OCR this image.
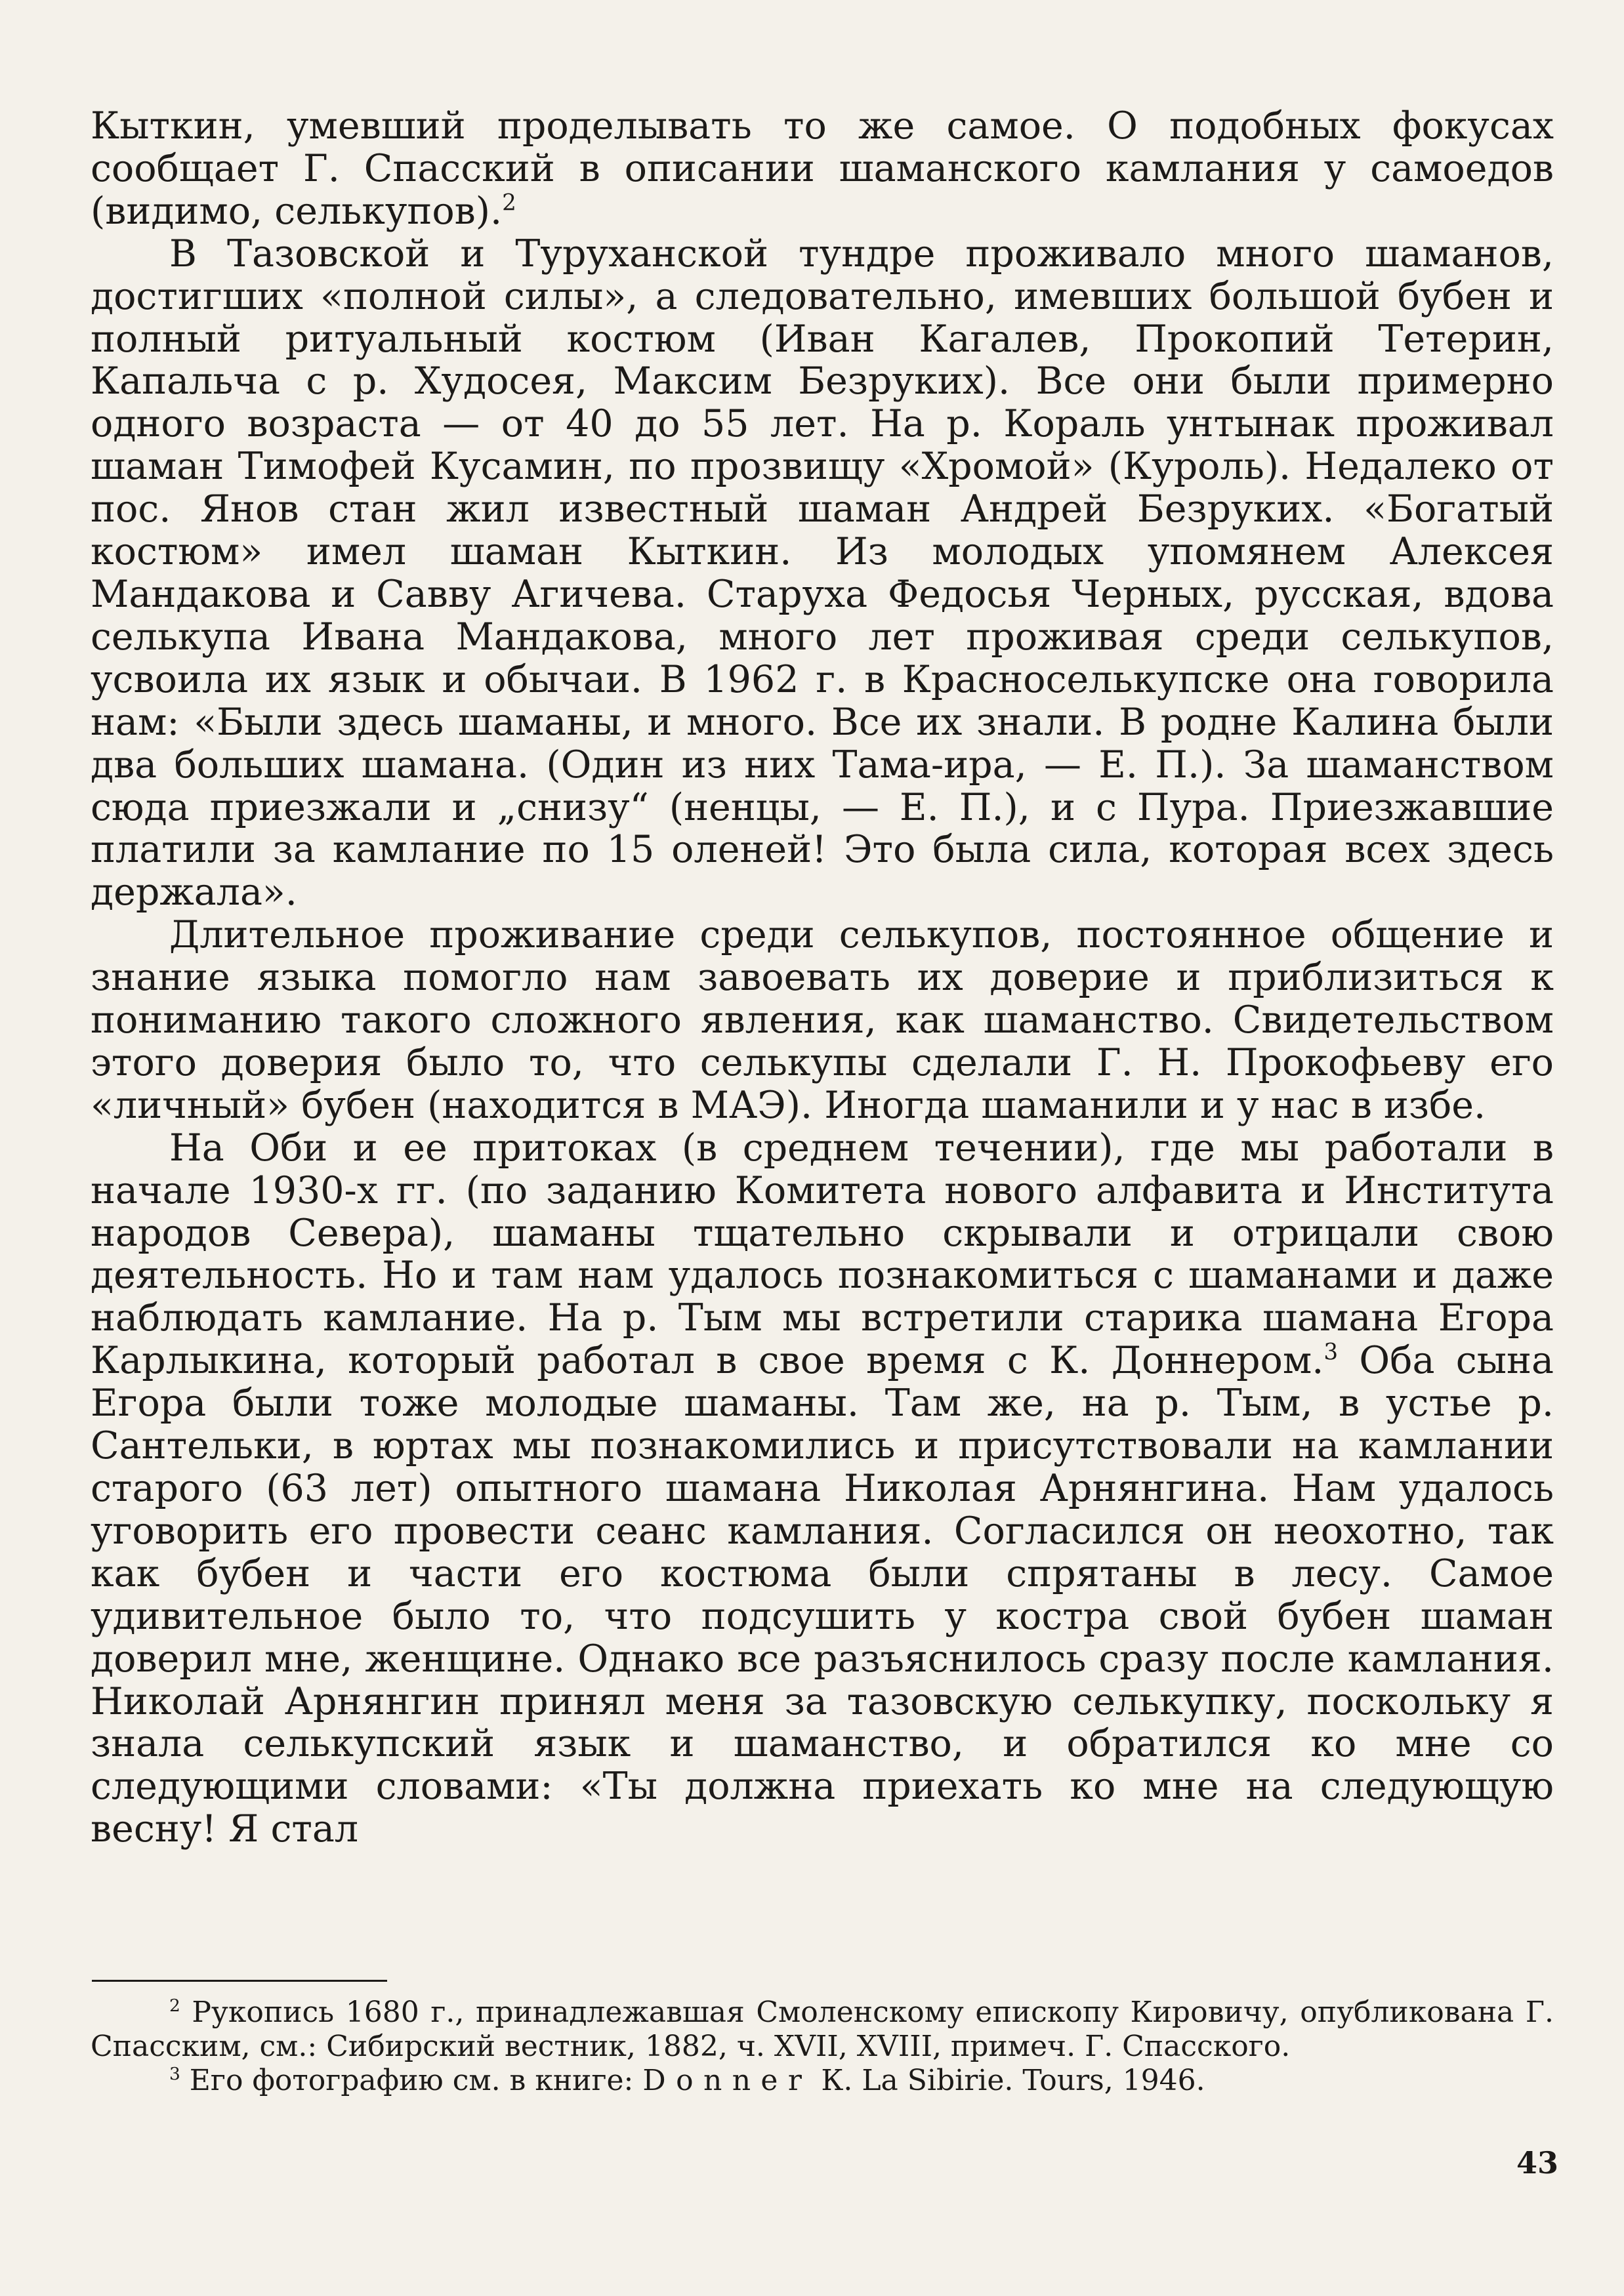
Кыткин, умевший проделывать то же самое. О подобных фокусах сообщает Г. Спасский в описании шаманского камлания у самоедов (видимо, селькупов).$^2$

В Тазовской и Туруханской тундре проживало много шаманов, достигших «полной силы», а следовательно, имевших большой бубен и полный ритуальный костюм (Иван Кагалев, Прокопий Тетерин, Капальча с р. Худосея, Максим Безруких). Все они были примерно одного возраста — от 40 до 55 лет. На р. Кораль унтынак проживал шаман Тимофей Кусамин, по прозвищу «Хромой» (Куроль). Недалеко от пос. Янов стан жил известный шаман Андрей Безруких. «Богатый костюм» имел шаман Кыткин. Из молодых упомянем Алексея Мандакова и Савву Агичева. Старуха Федосья Черных, русская, вдова селькупа Ивана Мандакова, много лет проживая среди селькупов, усвоила их язык и обычаи. В 1962 г. в Красноселькупске она говорила нам: «Были здесь шаманы, и много. Все их знали. В родне Калина были два больших шамана. (Один из них Тама-ира, — Е. П.). За шаманством сюда приезжали и „снизу“ (ненцы, — Е. П.), и с Пура. Приезжавшие платили за камлание по 15 оленей! Это была сила, которая всех здесь держала».

Длительное проживание среди селькупов, постоянное общение и знание языка помогло нам завоевать их доверие и приблизиться к пониманию такого сложного явления, как шаманство. Свидетельством этого доверия было то, что селькупы сделали Г. Н. Прокофьеву его «личный» бубен (находится в МАЭ). Иногда шаманили и у нас в избе.

На Оби и ее притоках (в среднем течении), где мы работали в начале 1930-х гг. (по заданию Комитета нового алфавита и Института народов Севера), шаманы тщательно скрывали и отрицали свою деятельность. Но и там нам удалось познакомиться с шаманами и даже наблюдать камлание. На р. Тым мы встретили старика шамана Егора Карлыкина, который работал в свое время с К. Доннером.$^3$ Оба сына Егора были тоже молодые шаманы. Там же, на р. Тым, в устье р. Сантельки, в юртах мы познакомились и присутствовали на камлании старого (63 лет) опытного шамана Николая Арнянгина. Нам удалось уговорить его провести сеанс камлания. Согласился он неохотно, так как бубен и части его костюма были спрятаны в лесу. Самое удивительное было то, что подсушить у костра свой бубен шаман доверил мне, женщине. Однако все разъяснилось сразу после камлания. Николай Арнянгин принял меня за тазовскую селькупку, поскольку я знала селькупский язык и шаманство, и обратился ко мне со следующими словами: «Ты должна приехать ко мне на следующую весну! Я стал

$^2$ Рукопись 1680 г., принадлежавшая Смоленскому епископу Кировичу, опубликована Г. Спасским, см.: Сибирский вестник, 1882, ч. XVII, XVIII, примеч. Г. Спасского.

$^3$ Его фотографию см. в книге: Donner К. La Sibirie. Tours, 1946.

43
